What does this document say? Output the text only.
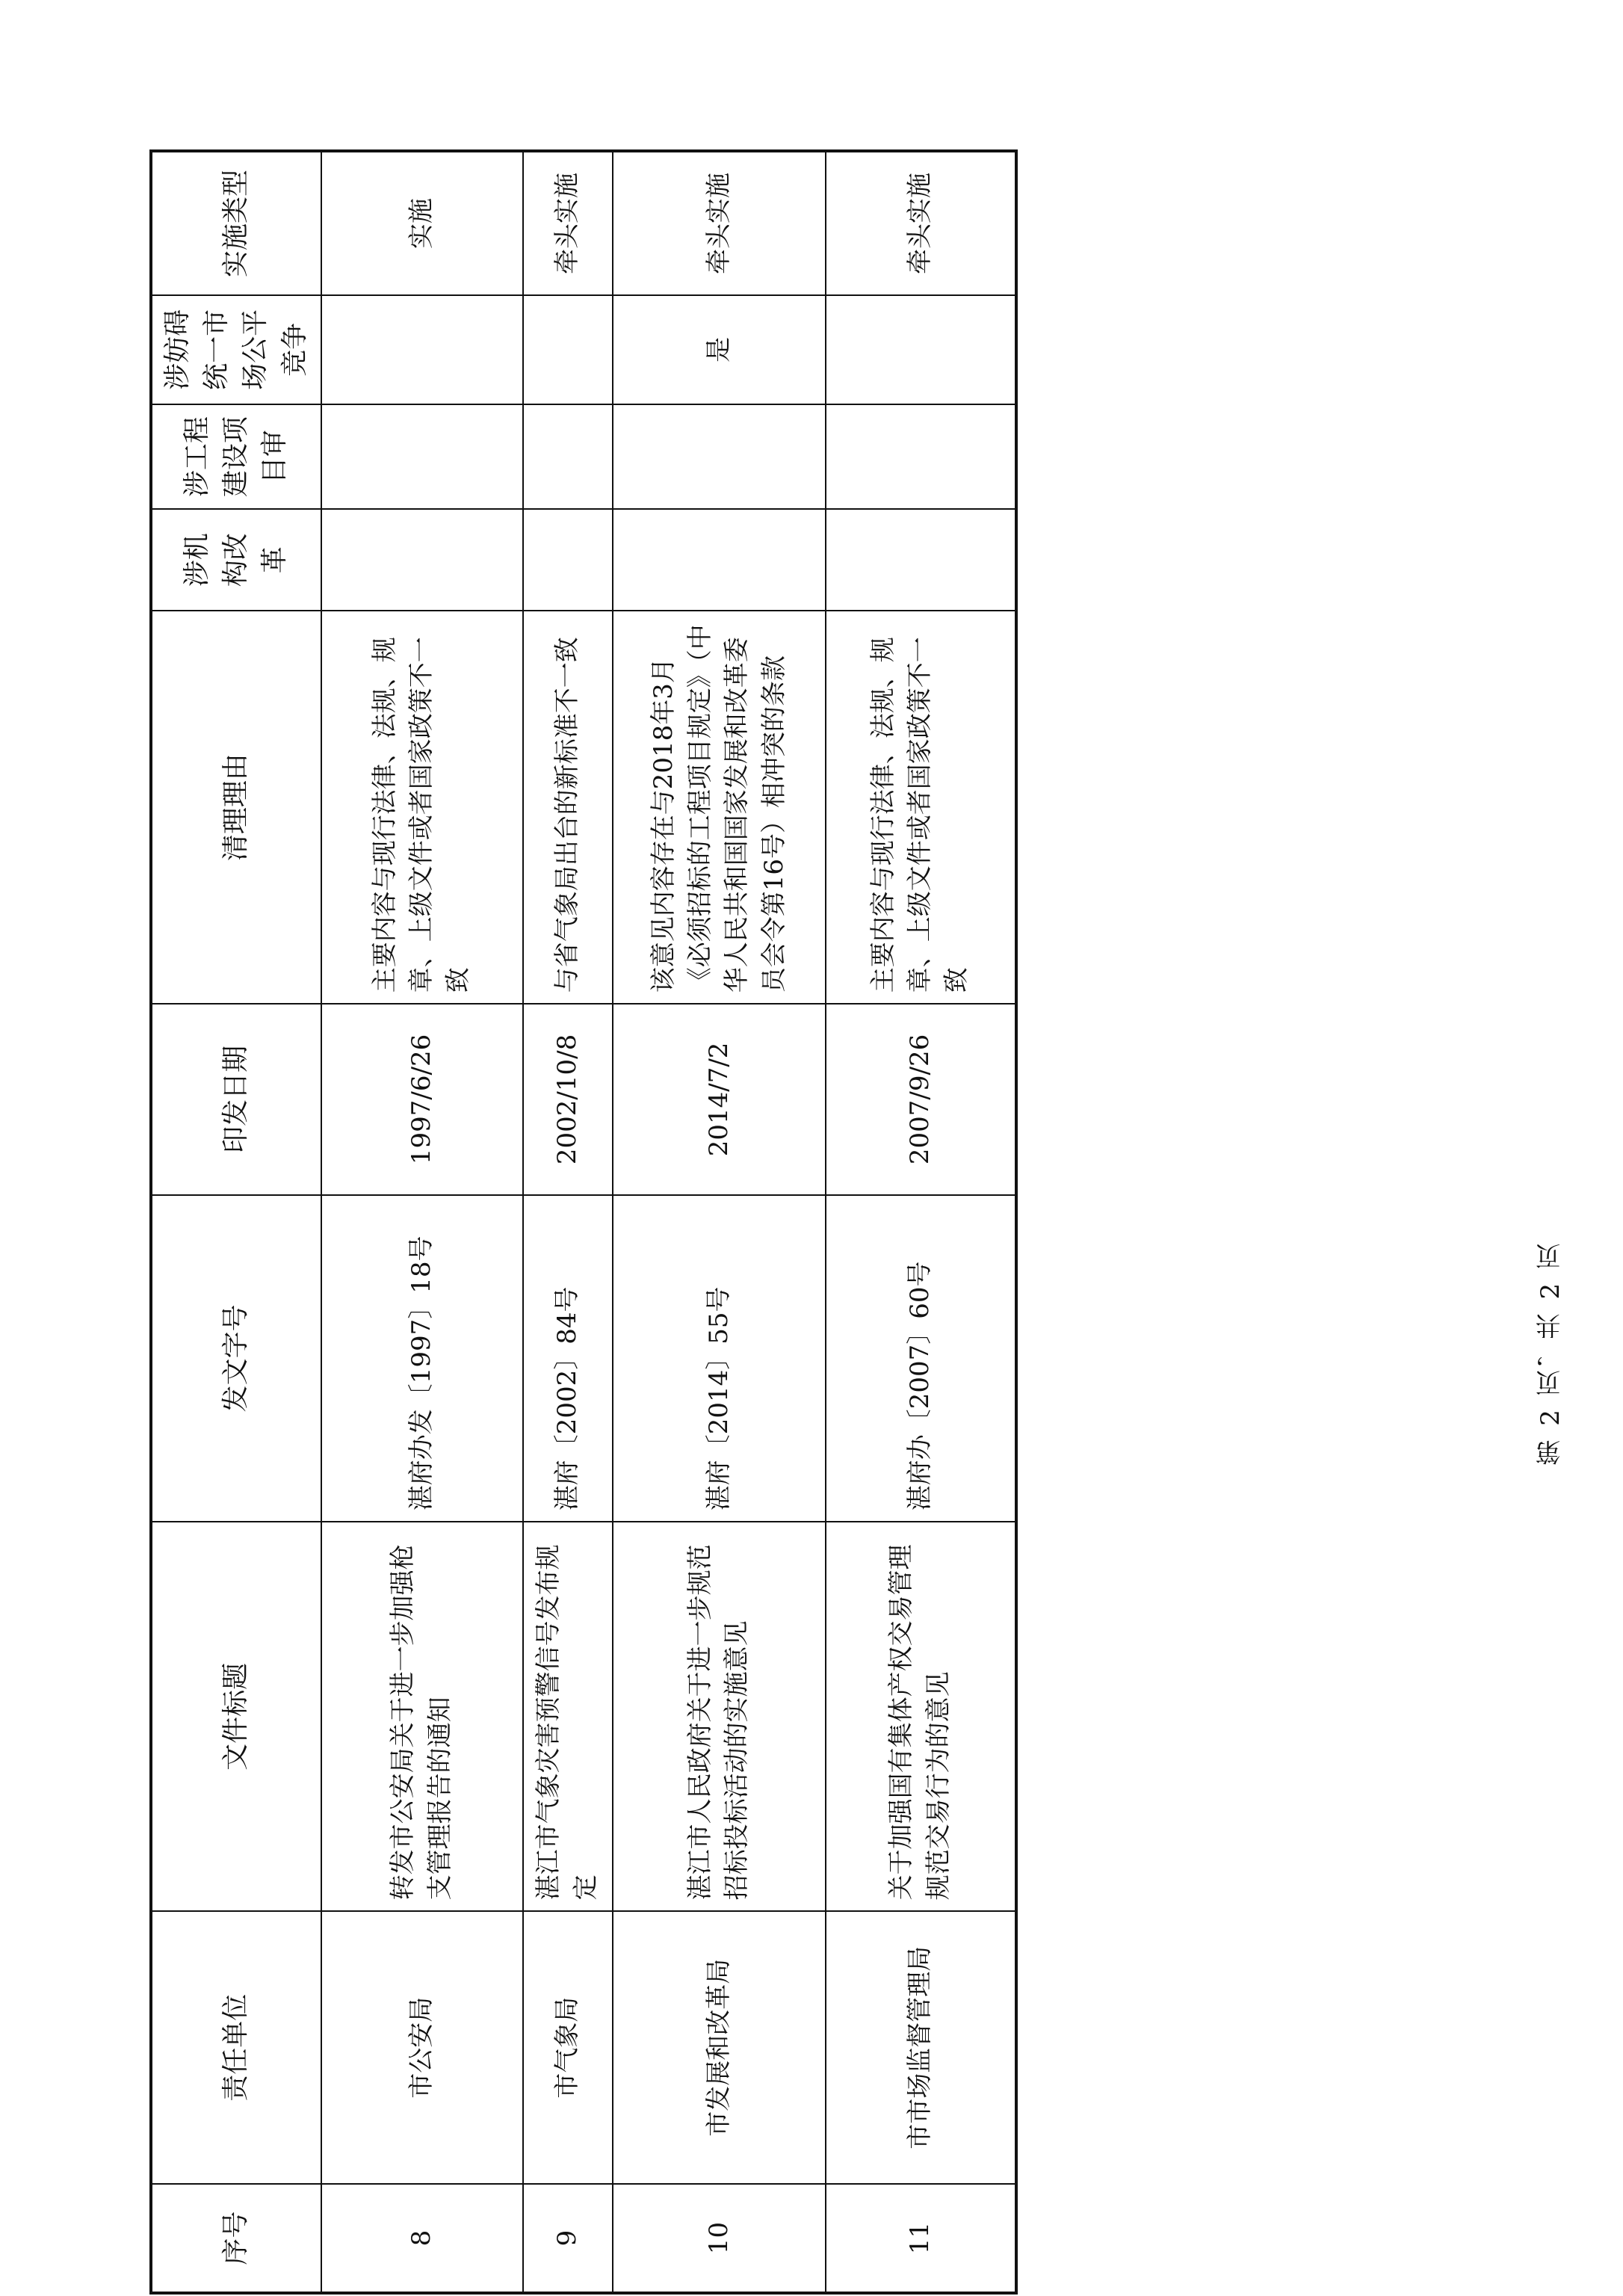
序号	责任单位	文件标题	发文字号	印发日期	清理理由	涉机构改革	涉工程建设项目审	涉妨碍统一市场公平竞争	实施类型
8	市公安局	转发市公安局关于进一步加强枪支管理报告的通知	湛府办发〔1997〕18号	1997/6/26	主要内容与现行法律、法规、规章、上级文件或者国家政策不一致				实施
9	市气象局	湛江市气象灾害预警信号发布规定	湛府〔2002〕84号	2002/10/8	与省气象局出台的新标准不一致				牵头实施
10	市发展和改革局	湛江市人民政府关于进一步规范招标投标活动的实施意见	湛府〔2014〕55号	2014/7/2	该意见内容存在与2018年3月《必须招标的工程项目规定》（中华人民共和国国家发展和改革委员会令第16号）相冲突的条款			是	牵头实施
11	市市场监督管理局	关于加强国有集体产权交易管理规范交易行为的意见	湛府办〔2007〕60号	2007/9/26	主要内容与现行法律、法规、规章、上级文件或者国家政策不一致				牵头实施
第 2 页，共 2 页
